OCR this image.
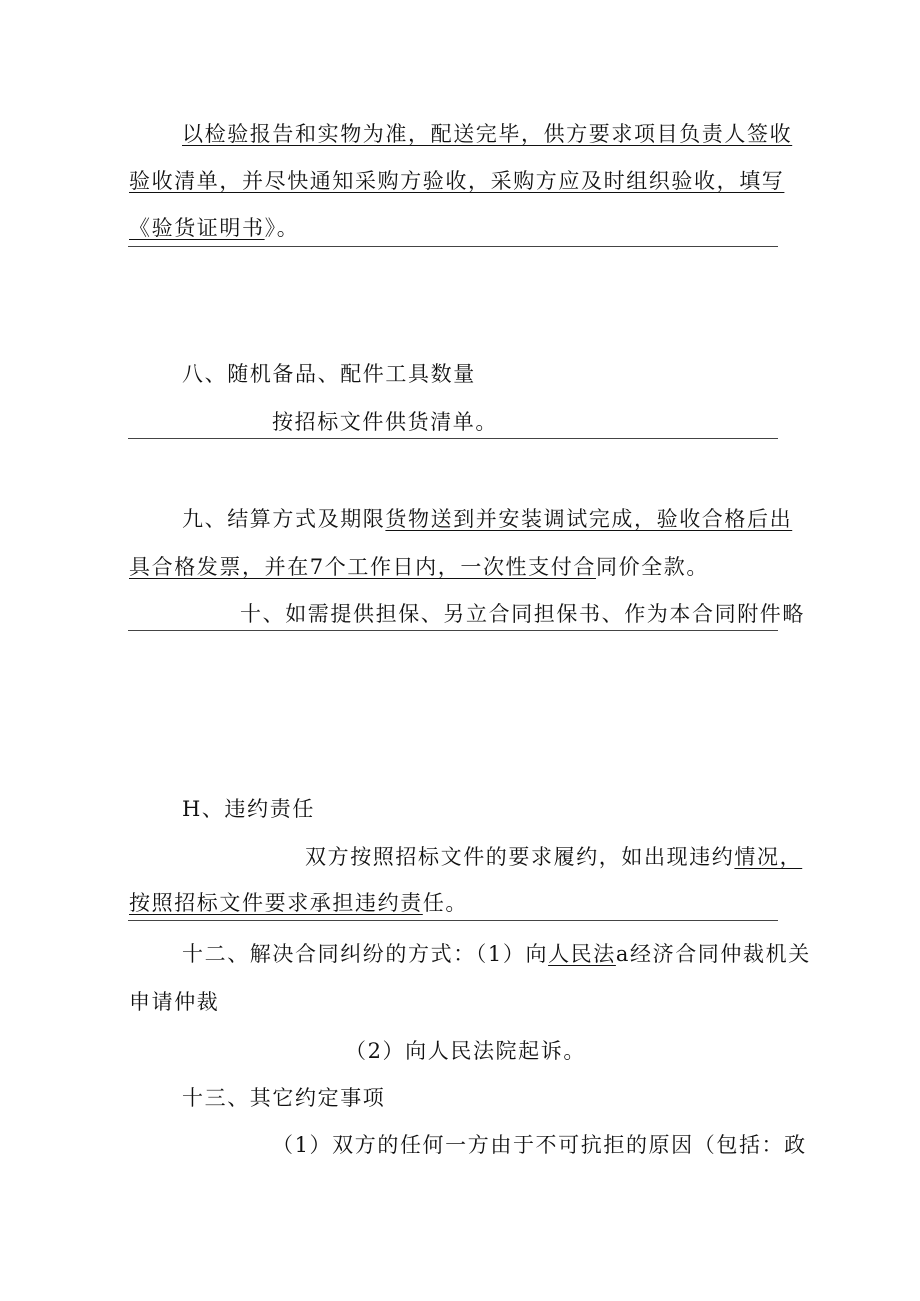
以检验报告和实物为准，配送完毕，供方要求项目负责人签收
验收清单，并尽快通知采购方验收，采购方应及时组织验收，填写
《验货证明书》。
八、随机备品、配件工具数量
按招标文件供货清单。
九、结算方式及期限货物送到并安装调试完成，验收合格后出
具合格发票，并在7个工作日内，一次性支付合同价全款。
十、如需提供担保、另立合同担保书、作为本合同附件略
H、违约责任
双方按照招标文件的要求履约，如出现违约情况，
按照招标文件要求承担违约责任。
十二、解决合同纠纷的方式：（1）向人民法a经济合同仲裁机关
申请仲裁
（2）向人民法院起诉。
十三、其它约定事项
（1）双方的任何一方由于不可抗拒的原因（包括：政
